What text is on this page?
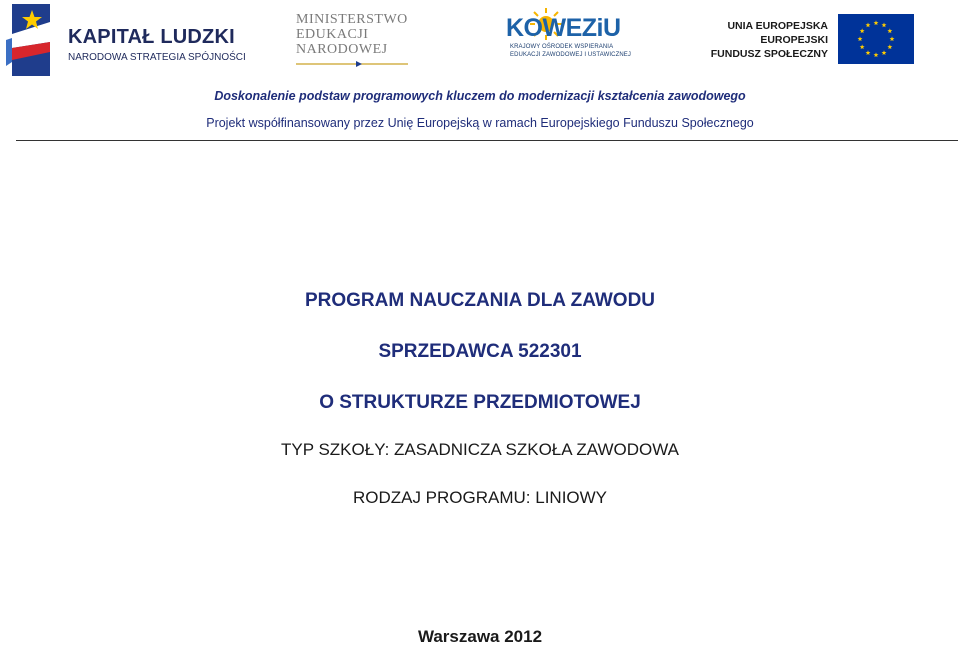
KAPITAŁ LUDZKI
NARODOWA STRATEGIA SPÓJNOŚCI
MINISTERSTWO
EDUKACJI
NARODOWEJ
KOWEZiU
KRAJOWY OŚRODEK WSPIERANIA
EDUKACJI ZAWODOWEJ I USTAWICZNEJ
UNIA EUROPEJSKA
EUROPEJSKI
FUNDUSZ SPOŁECZNY
Doskonalenie podstaw programowych kluczem do modernizacji kształcenia zawodowego
Projekt współfinansowany przez Unię Europejską w ramach Europejskiego Funduszu Społecznego
PROGRAM NAUCZANIA DLA ZAWODU
SPRZEDAWCA 522301
O STRUKTURZE PRZEDMIOTOWEJ
TYP SZKOŁY: ZASADNICZA SZKOŁA ZAWODOWA
RODZAJ PROGRAMU: LINIOWY
Warszawa 2012
